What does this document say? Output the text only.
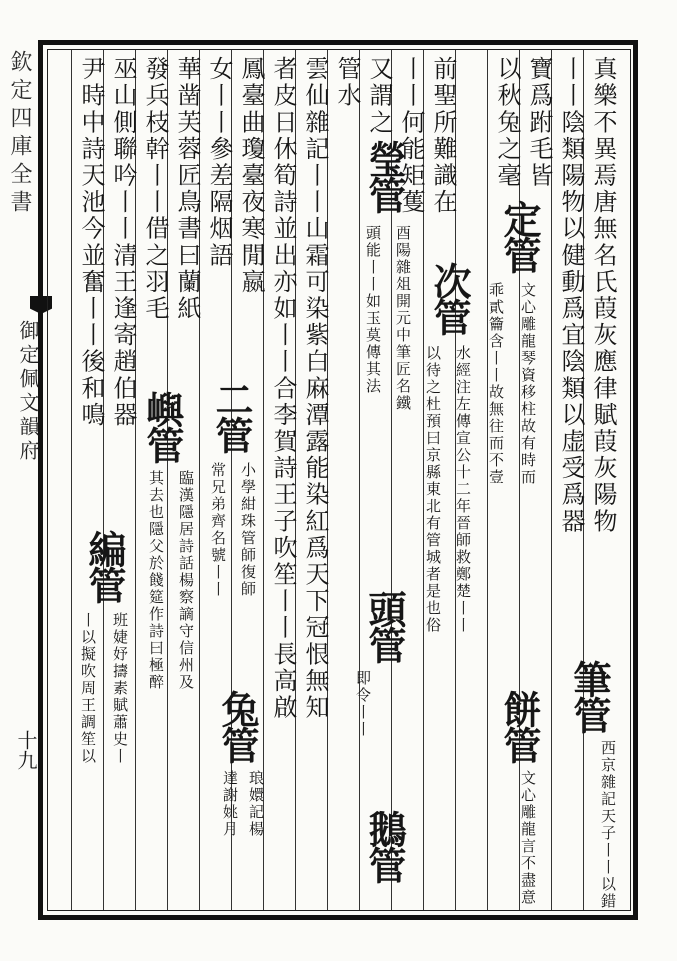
欽定四庫全書
御定佩文韻府
十九
真樂不異焉唐無名氏葭灰應律賦葭灰陽物
丨丨陰類陽物以健動爲宜陰類以虚受爲器
寶爲跗毛皆
筆管
西京雜記天子丨丨以錯
以秋兔之毫
定管
文心雕龍琴資移柱故有時而
乖貳籥含丨丨故無往而不壹
餅管
文心雕龍言不盡意
前聖所難識在
次管
水經注左傳宣公十二年晉師救鄭楚丨丨
丨丨何能矩蒦
以待之杜預曰京縣東北有管城者是也俗
又謂之
瑩管
酉陽雜俎開元中筆匠名鐵
管水
頭能丨丨如玉莫傳其法
頭管
即令丨丨
鵝管
雲仙雜記丨丨山霜可染紫白麻潭露能染紅爲天下冠恨無知
者皮日休筍詩並出亦如丨丨合李賀詩王子吹笙丨丨長高啟
鳳臺曲瓊臺夜寒閒嬴
女丨丨參差隔烟語
二管
小學紺珠管師復師
常兄弟齊名號丨丨
兔管
琅嬛記楊
達謝姚月
華凿芙蓉匠鳥書曰蘭紙
嶼管
臨漢隱居詩話楊察謫守信州及
發兵枝幹丨丨借之羽毛
其去也隱父於餞筵作詩曰極醉
巫山側聯吟丨丨清王逢寄趙伯器
編管
班婕妤擣素賦蕭史丨
尹時中詩天池今並奮丨丨後和鳴
丨以擬吹周王調笙以
